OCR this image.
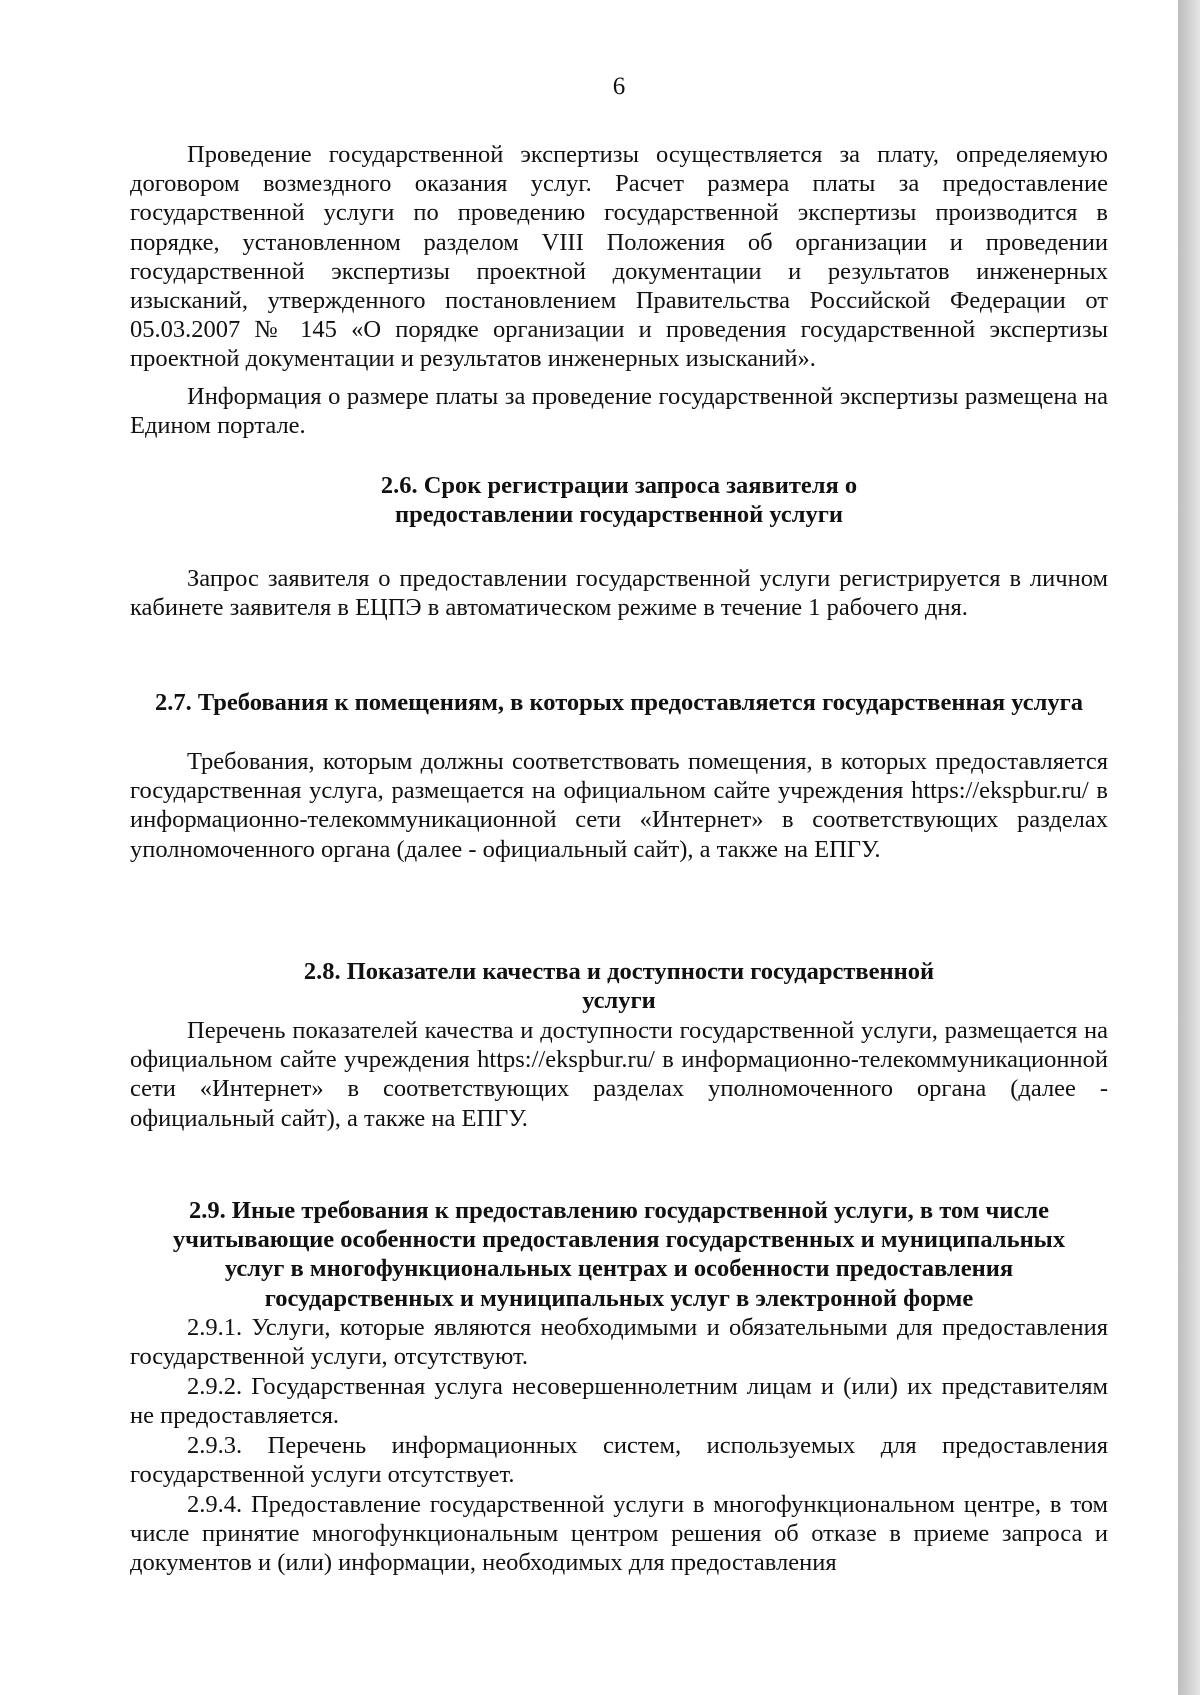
6

Проведение государственной экспертизы осуществляется за плату, определяемую договором возмездного оказания услуг. Расчет размера платы за предоставление государственной услуги по проведению государственной экспертизы производится в порядке, установленном разделом VIII Положения об организации и проведении государственной экспертизы проектной документации и результатов инженерных изысканий, утвержденного постановлением Правительства Российской Федерации от 05.03.2007 № 145 «О порядке организации и проведения государственной экспертизы проектной документации и результатов инженерных изысканий».

Информация о размере платы за проведение государственной экспертизы размещена на Едином портале.

2.6. Срок регистрации запроса заявителя о предоставлении государственной услуги

Запрос заявителя о предоставлении государственной услуги регистрируется в личном кабинете заявителя в ЕЦПЭ в автоматическом режиме в течение 1 рабочего дня.

2.7. Требования к помещениям, в которых предоставляется государственная услуга

Требования, которым должны соответствовать помещения, в которых предоставляется государственная услуга, размещается на официальном сайте учреждения https://ekspbur.ru/ в информационно-телекоммуникационной сети «Интернет» в соответствующих разделах уполномоченного органа (далее - официальный сайт), а также на ЕПГУ.

2.8. Показатели качества и доступности государственной
услуги

Перечень показателей качества и доступности государственной услуги, размещается на официальном сайте учреждения https://ekspbur.ru/ в информационно-телекоммуникационной сети «Интернет» в соответствующих разделах уполномоченного органа (далее - официальный сайт), а также на ЕПГУ.

2.9. Иные требования к предоставлению государственной услуги, в том числе учитывающие особенности предоставления государственных и муниципальных услуг в многофункциональных центрах и особенности предоставления государственных и муниципальных услуг в электронной форме

2.9.1. Услуги, которые являются необходимыми и обязательными для предоставления государственной услуги, отсутствуют.

2.9.2. Государственная услуга несовершеннолетним лицам и (или) их представителям не предоставляется.

2.9.3. Перечень информационных систем, используемых для предоставления государственной услуги отсутствует.

2.9.4. Предоставление государственной услуги в многофункциональном центре, в том числе принятие многофункциональным центром решения об отказе в приеме запроса и документов и (или) информации, необходимых для предоставления
